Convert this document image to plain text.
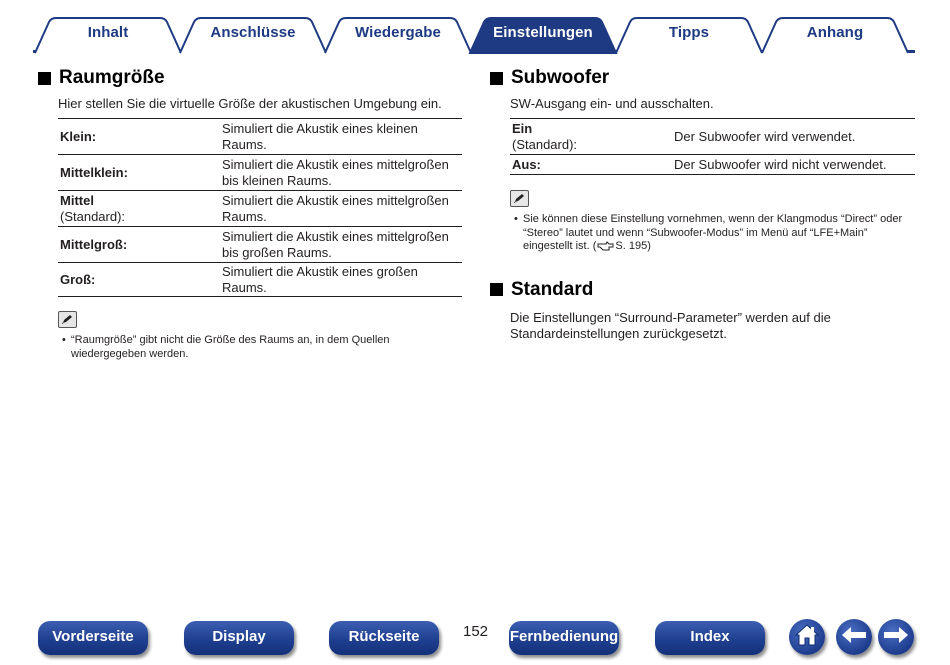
Inhalt	Anschlüsse	Wiedergabe	Einstellungen	Tipps	Anhang
Raumgröße
Hier stellen Sie die virtuelle Größe der akustischen Umgebung ein.
Klein:	Simuliert die Akustik eines kleinen
Raums.
Mittelklein:	Simuliert die Akustik eines mittelgroßen
bis kleinen Raums.
Mittel
(Standard):	Simuliert die Akustik eines mittelgroßen
Raums.
Mittelgroß:	Simuliert die Akustik eines mittelgroßen
bis großen Raums.
Groß:	Simuliert die Akustik eines großen Raums.
• “Raumgröße” gibt nicht die Größe des Raums an, in dem Quellen
wiedergegeben werden.
Subwoofer
SW-Ausgang ein- und ausschalten.
Ein
(Standard):	Der Subwoofer wird verwendet.
Aus:	Der Subwoofer wird nicht verwendet.
• Sie können diese Einstellung vornehmen, wenn der Klangmodus “Direct” oder
“Stereo” lautet und wenn “Subwoofer-Modus” im Menü auf “LFE+Main”
eingestellt ist. ( S. 195)
Standard
Die Einstellungen “Surround-Parameter” werden auf die
Standardeinstellungen zurückgesetzt.
Vorderseite	Display	Rückseite	152 Fernbedienung	Index
